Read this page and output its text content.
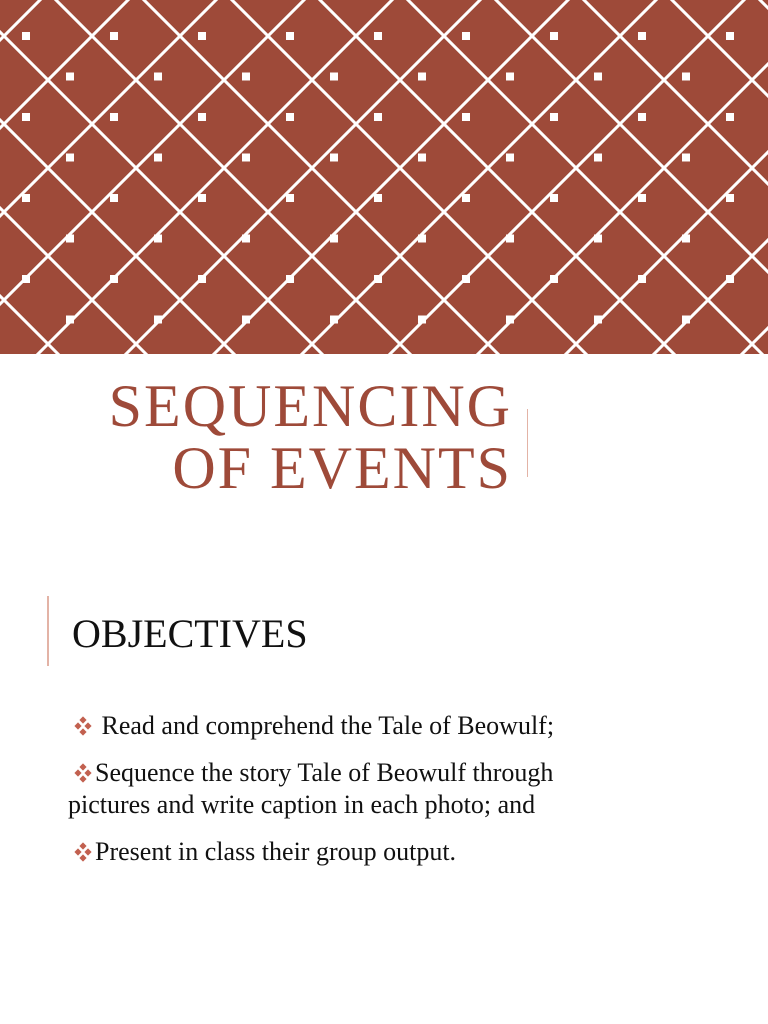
SEQUENCING
OF EVENTS
OBJECTIVES
Read and comprehend the Tale of Beowulf;
Sequence the story Tale of Beowulf through
pictures and write caption in each photo; and
Present in class their group output.
